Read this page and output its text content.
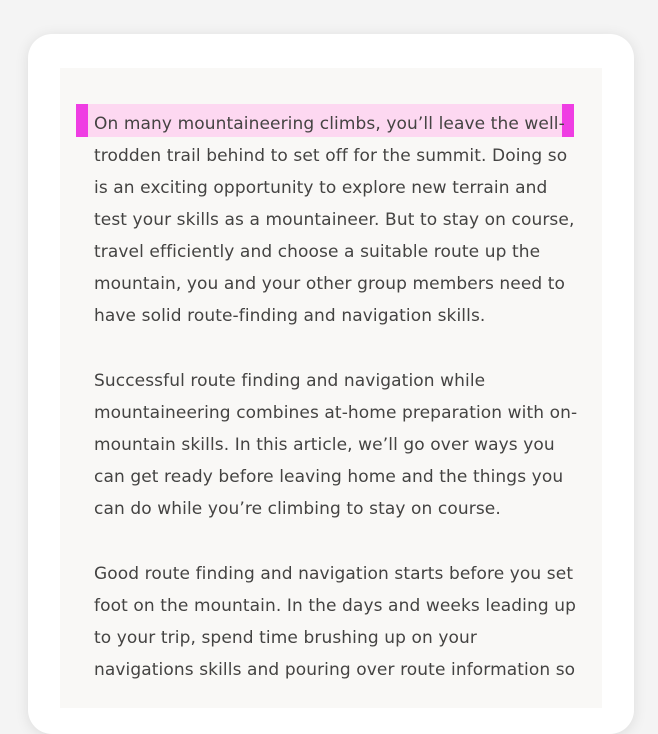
On many mountaineering climbs, you’ll leave the well-
trodden trail behind to set off for the summit. Doing so
is an exciting opportunity to explore new terrain and
test your skills as a mountaineer. But to stay on course,
travel efficiently and choose a suitable route up the
mountain, you and your other group members need to
have solid route-finding and navigation skills.
Successful route finding and navigation while
mountaineering combines at-home preparation with on-
mountain skills. In this article, we’ll go over ways you
can get ready before leaving home and the things you
can do while you’re climbing to stay on course.
Good route finding and navigation starts before you set
foot on the mountain. In the days and weeks leading up
to your trip, spend time brushing up on your
navigations skills and pouring over route information so
